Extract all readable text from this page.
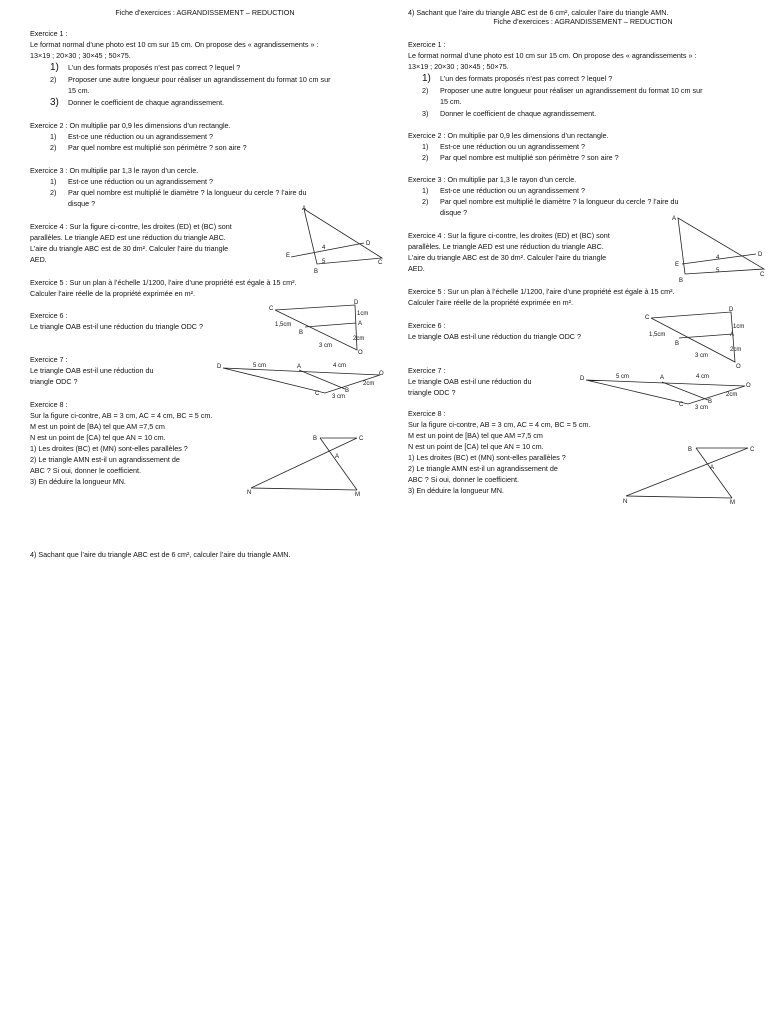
Fiche d’exercices : AGRANDISSEMENT – REDUCTION
Exercice 1 :
Le format normal d’une photo est 10 cm sur 15 cm. On propose des « agrandissements » :
13×19 ; 20×30 ; 30×45 ; 50×75.
1) L’un des formats proposés n’est pas correct ? lequel ?
2) Proposer une autre longueur pour réaliser un agrandissement du format 10 cm sur
15 cm.
3) Donner le coefficient de chaque agrandissement.
Exercice 2 : On multiplie par 0,9 les dimensions d’un rectangle.
1) Est-ce une réduction ou un agrandissement ?
2) Par quel nombre est multiplié son périmètre ? son aire ?
Exercice 3 : On multiplie par 1,3 le rayon d’un cercle.
1) Est-ce une réduction ou un agrandissement ?
2) Par quel nombre est multiplié le diamètre ? la longueur du cercle ? l’aire du
disque ?
Exercice 4 : Sur la figure ci-contre, les droites (ED) et (BC) sont
parallèles. Le triangle AED est une réduction du triangle ABC.
L’aire du triangle ABC est de 30 dm². Calculer l’aire du triangle
AED.
Exercice 5 : Sur un plan à l’échelle 1/1200, l’aire d’une propriété est égale à 15 cm².
Calculer l’aire réelle de la propriété exprimée en m².
Exercice 6 :
Le triangle OAB est-il une réduction du triangle ODC ?
Exercice 7 :
Le triangle OAB est-il une réduction du
triangle ODC ?
Exercice 8 :
Sur la figure ci-contre, AB = 3 cm, AC = 4 cm, BC = 5 cm.
M est un point de [BA) tel que AM =7,5 cm
N est un point de [CA) tel que AN = 10 cm.
1) Les droites (BC) et (MN) sont-elles parallèles ?
2) Le triangle AMN est-il un agrandissement de
ABC ? Si oui, donner le coefficient.
3) En déduire la longueur MN.
4) Sachant que l’aire du triangle ABC est de 6 cm², calculer l’aire du triangle AMN.
A
B
C
D
E
4
5
C
D
A
B
O
1,5cm
1cm
2cm
3 cm
D	A
B
C
O
5 cm	4 cm
2cm
3 cm
B	C
A
N	M
4) Sachant que l’aire du triangle ABC est de 6 cm², calculer l’aire du triangle AMN.
Fiche d’exercices : AGRANDISSEMENT – REDUCTION
Exercice 1 :
Le format normal d’une photo est 10 cm sur 15 cm. On propose des « agrandissements » :
13×19 ; 20×30 ; 30×45 ; 50×75.
1) L’un des formats proposés n’est pas correct ? lequel ?
2) Proposer une autre longueur pour réaliser un agrandissement du format 10 cm sur
15 cm.
3) Donner le coefficient de chaque agrandissement.
Exercice 2 : On multiplie par 0,9 les dimensions d’un rectangle.
1) Est-ce une réduction ou un agrandissement ?
2) Par quel nombre est multiplié son périmètre ? son aire ?
Exercice 3 : On multiplie par 1,3 le rayon d’un cercle.
1) Est-ce une réduction ou un agrandissement ?
2) Par quel nombre est multiplié le diamètre ? la longueur du cercle ? l’aire du
disque ?
Exercice 4 : Sur la figure ci-contre, les droites (ED) et (BC) sont
parallèles. Le triangle AED est une réduction du triangle ABC.
L’aire du triangle ABC est de 30 dm². Calculer l’aire du triangle
AED.
Exercice 5 : Sur un plan à l’échelle 1/1200, l’aire d’une propriété est égale à 15 cm².
Calculer l’aire réelle de la propriété exprimée en m².
Exercice 6 :
Le triangle OAB est-il une réduction du triangle ODC ?
Exercice 7 :
Le triangle OAB est-il une réduction du
triangle ODC ?
Exercice 8 :
Sur la figure ci-contre, AB = 3 cm, AC = 4 cm, BC = 5 cm.
M est un point de [BA) tel que AM =7,5 cm
N est un point de [CA) tel que AN = 10 cm.
1) Les droites (BC) et (MN) sont-elles parallèles ?
2) Le triangle AMN est-il un agrandissement de
ABC ? Si oui, donner le coefficient.
3) En déduire la longueur MN.
A
B
C
D
E
4
5
C
D
A
B
O
1,5cm
1cm
2cm
3 cm
D	A
B
C
O
5 cm	4 cm
2cm
3 cm
B	C
A
N	M
